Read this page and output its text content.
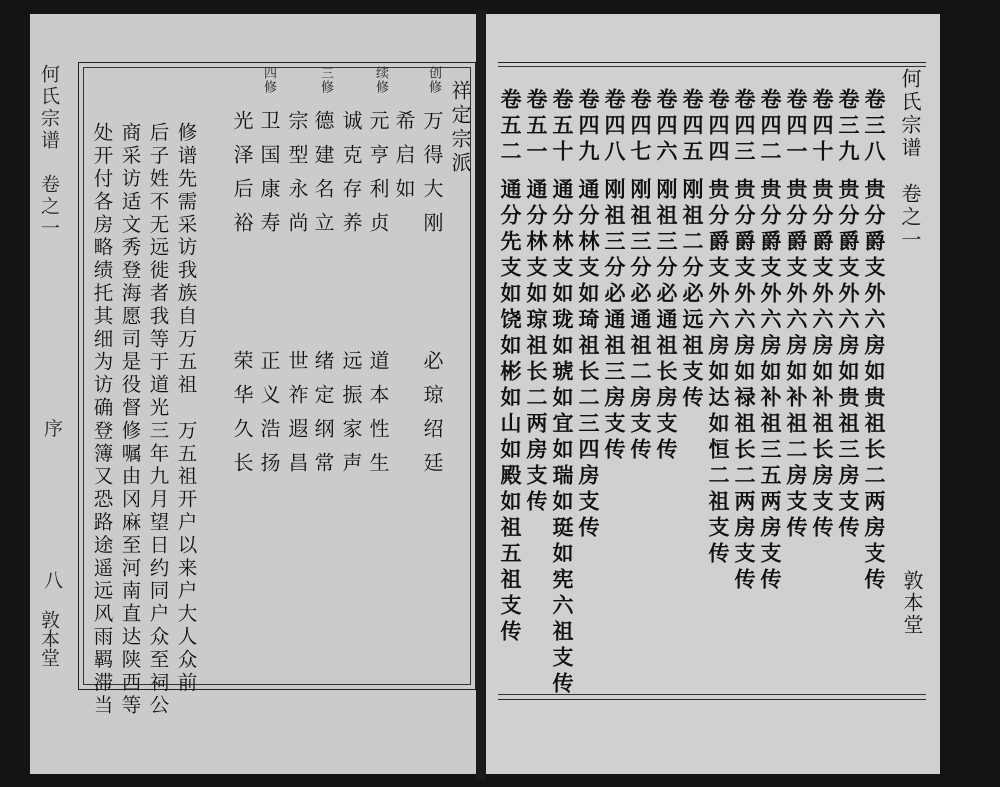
何氏宗谱　卷之一
序
八
敦本堂
祥定宗派
创修
万得大刚
必琼绍廷
希启如
续修
元亨利贞
道本性生
诚克存养
远振家声
三修
德建名立
绪定纲常
宗型永尚
世祚遐昌
卫国康寿
正义浩扬
四修
光泽后裕
荣华久长
修谱先需采访我族自万五祖　万五祖开户以来户大人众前
后子姓不无远徙者我等于道光三年九月望日约同户众至祠公
商采访适文秀登海愿司是役督修嘱由冈麻至河南直达陕西等
处开付各房略绩托其细为访确登簿又恐路途遥远风雨羁滞当	何氏宗谱　卷之一
敦本堂
卷三八
贵分爵支外六房如贵祖长二两房支传
卷三九
贵分爵支外六房如贵祖三房支传
卷四十
贵分爵支外六房如补祖长房支传
卷四一
贵分爵支外六房如补祖二房支传
卷四二
贵分爵支外六房如补祖三五两房支传
卷四三
贵分爵支外六房如禄祖长二两房支传
卷四四
贵分爵支外六房如达如恒二祖支传
卷四五
刚祖二分必远祖支传
卷四六
刚祖三分必通祖长房支传
卷四七
刚祖三分必通祖二房支传
卷四八
刚祖三分必通祖三房支传
卷四九
通分林支如琦祖长二三四房支传
卷五十
通分林支如珑如琥如宜如瑞如珽如宪六祖支传
卷五一
通分林支如琼祖长二两房支传
卷五二
通分先支如饶如彬如山如殿如祖五祖支传
